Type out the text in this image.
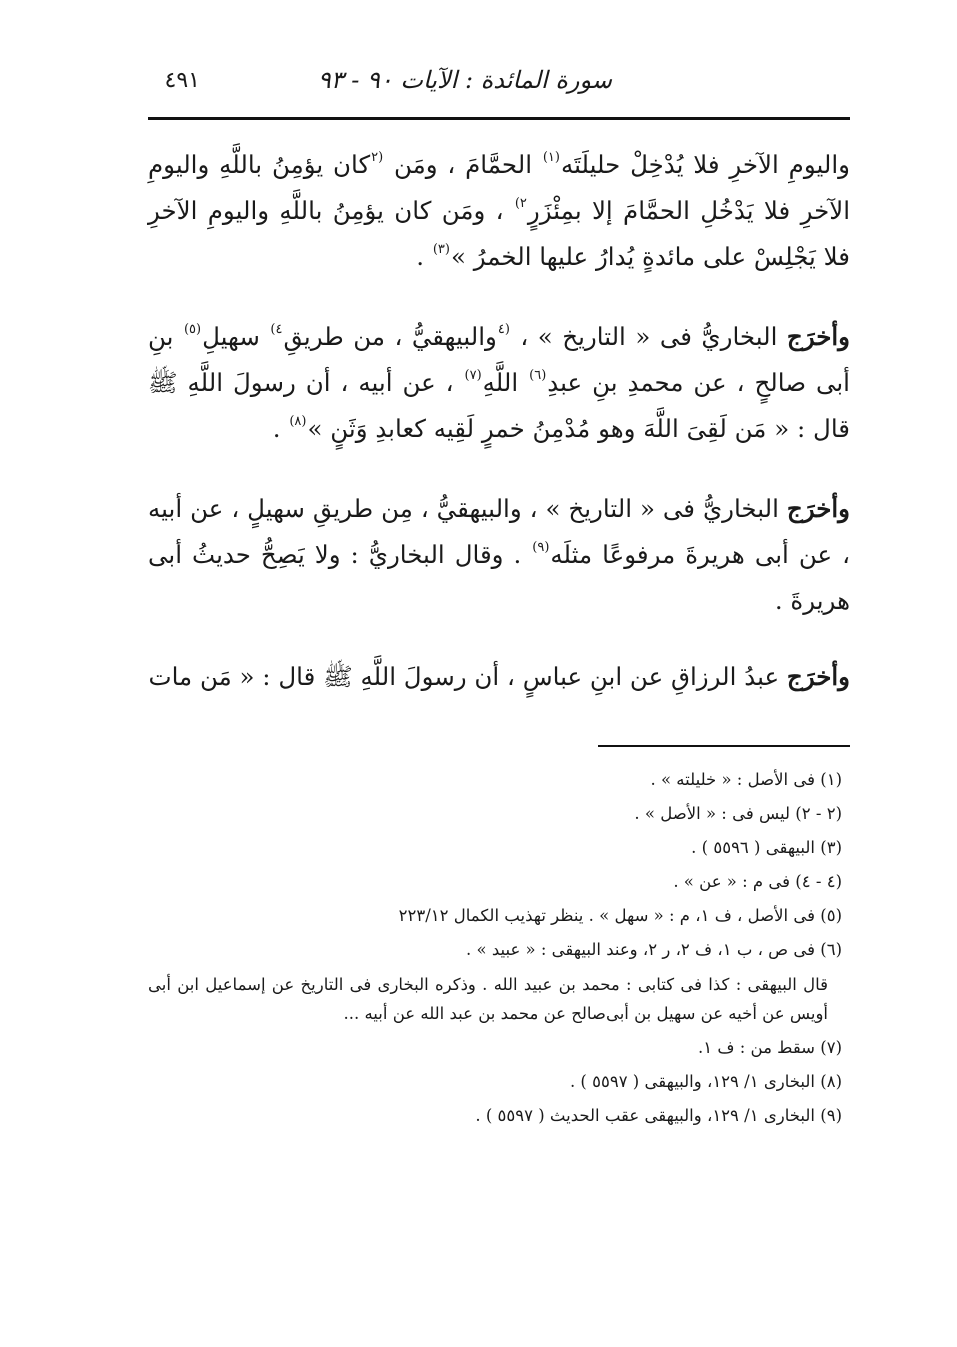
سورة المائدة : الآيات ٩٠ - ٩٣
٤٩١

واليومِ الآخرِ فلا يُدْخِلْ حليلَتَه$^{(١)}$ الحمَّامَ ، ومَن $^{(٢}$كان يؤمِنُ باللَّهِ واليومِ الآخرِ فلا يَدْخُلِ الحمَّامَ إلا بمِئْزَرٍ$^{٢)}$ ، ومَن كان يؤمِنُ باللَّهِ واليومِ الآخرِ فلا يَجْلِسْ على مائدةٍ يُدارُ عليها الخمرُ »$^{(٣)}$ .

وأخرَج البخاريُّ فى « التاريخ » ، $^{(٤}$والبيهقيُّ ، من طريقِ$^{٤)}$ سهيلِ$^{(٥)}$ بنِ أبى صالحٍ ، عن محمدِ بنِ عبدِ$^{(٦)}$ اللَّهِ$^{(٧)}$ ، عن أبيه ، أن رسولَ اللَّهِ ﷺ قال : « مَن لَقِىَ اللَّهَ وهو مُدْمِنُ خمرٍ لَقِيه كعابدِ وَثَنٍ »$^{(٨)}$ .

وأخرَج البخاريُّ فى « التاريخ » ، والبيهقيُّ ، مِن طريقِ سهيلٍ ، عن أبيه ، عن أبى هريرةَ مرفوعًا مثلَه$^{(٩)}$ . وقال البخاريُّ : ولا يَصِحُّ حديثُ أبى هريرةَ .

وأخرَج عبدُ الرزاقِ عن ابنِ عباسٍ ، أن رسولَ اللَّهِ ﷺ قال : « مَن مات

(١) فى الأصل : « خليلته » .
(٢ - ٢) ليس فى : « الأصل » .
(٣) البيهقى ( ٥٥٩٦ ) .
(٤ - ٤) فى م : « عن » .
(٥) فى الأصل ، ف ١، م : « سهل » . ينظر تهذيب الكمال ٢٢٣/١٢
(٦) فى ص ، ب ١، ف ٢، ر ٢، وعند البيهقى : « عبيد » .
قال البيهقى : كذا فى كتابى : محمد بن عبيد الله . وذكره البخارى فى التاريخ عن إسماعيل ابن أبى أويس عن أخيه عن سهيل بن أبى‌صالح عن محمد بن عبد الله عن أبيه ...
(٧) سقط من : ف ١.
(٨) البخارى ١/ ١٢٩، والبيهقى ( ٥٥٩٧ ) .
(٩) البخارى ١/ ١٢٩، والبيهقى عقب الحديث ( ٥٥٩٧ ) .
